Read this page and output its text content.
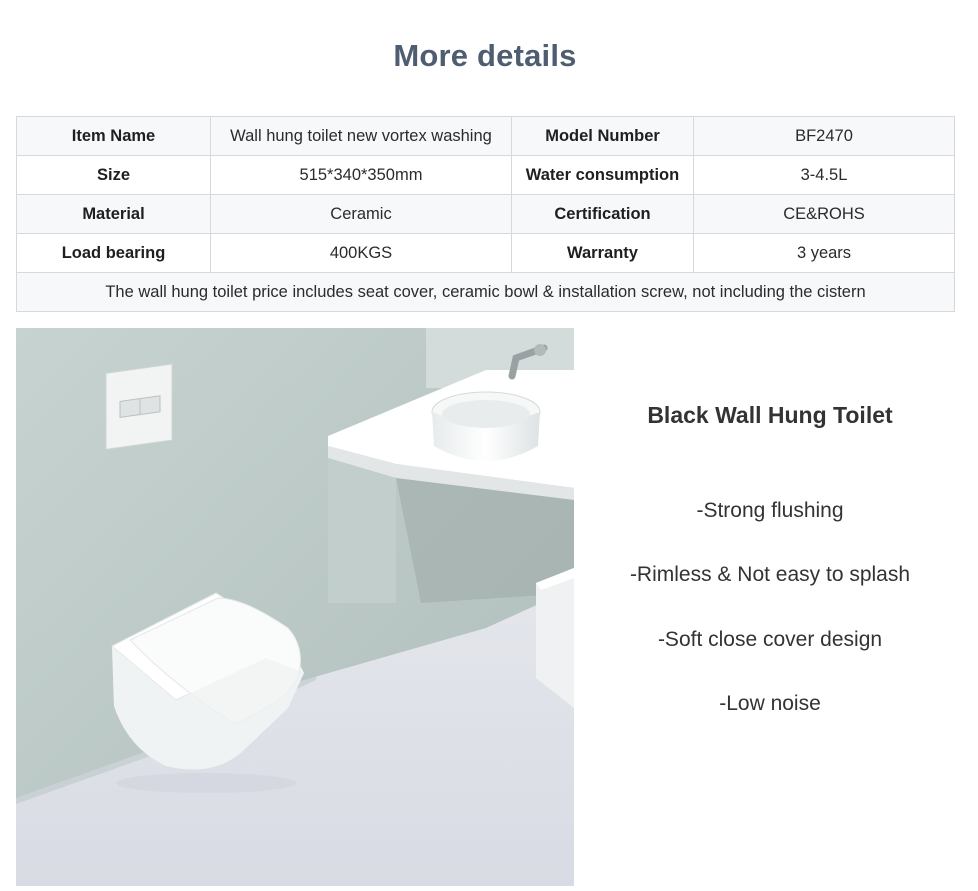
More details
Item Name	Wall hung toilet new vortex washing	Model Number	BF2470
Size	515*340*350mm	Water consumption	3-4.5L
Material	Ceramic	Certification	CE&ROHS
Load bearing	400KGS	Warranty	3 years
The wall hung toilet price includes seat cover, ceramic bowl & installation screw, not including the cistern			
Black Wall Hung Toilet
-Strong flushing
-Rimless & Not easy to splash
-Soft close cover design
-Low noise
